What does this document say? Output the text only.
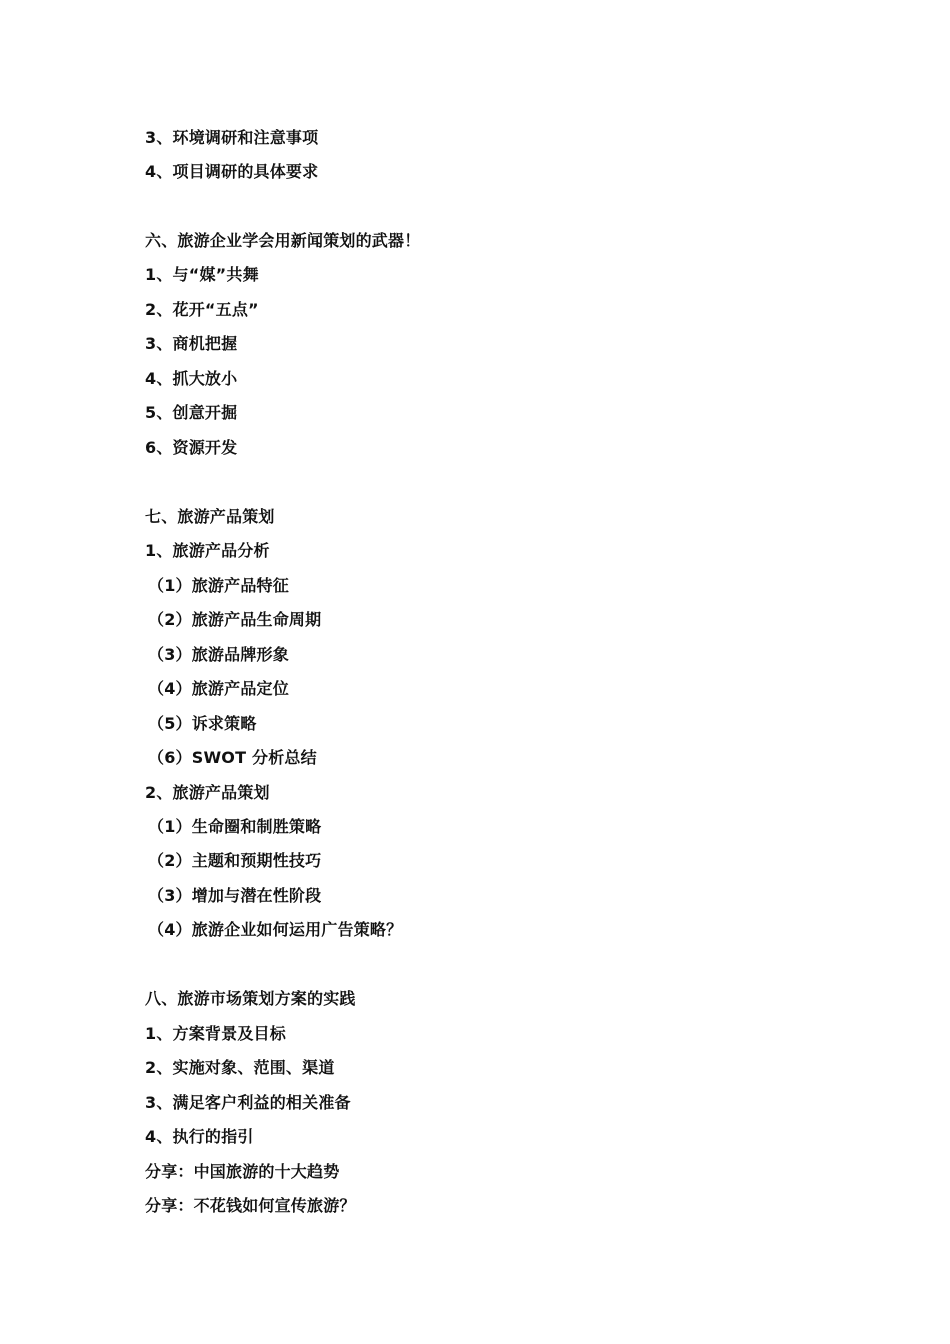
3、环境调研和注意事项
4、项目调研的具体要求
六、旅游企业学会用新闻策划的武器！
1、与“媒”共舞
2、花开“五点”
3、商机把握
4、抓大放小
5、创意开掘
6、资源开发
七、旅游产品策划
1、旅游产品分析
（1）旅游产品特征
（2）旅游产品生命周期
（3）旅游品牌形象
（4）旅游产品定位
（5）诉求策略
（6）SWOT 分析总结
2、旅游产品策划
（1）生命圈和制胜策略
（2）主题和预期性技巧
（3）增加与潜在性阶段
（4）旅游企业如何运用广告策略？
八、旅游市场策划方案的实践
1、方案背景及目标
2、实施对象、范围、渠道
3、满足客户利益的相关准备
4、执行的指引
分享：中国旅游的十大趋势
分享：不花钱如何宣传旅游？
